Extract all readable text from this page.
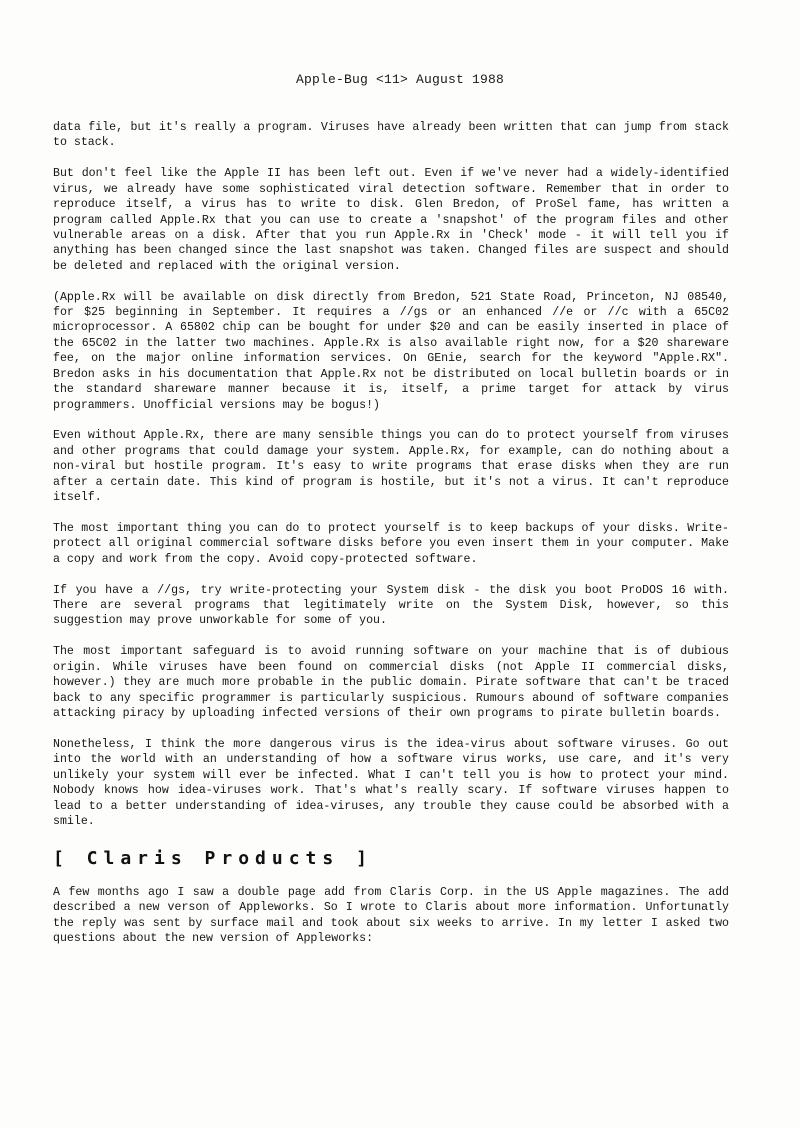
Apple-Bug <11> August 1988

data file, but it's really a program. Viruses have already been written that can jump from stack to stack.

But don't feel like the Apple II has been left out. Even if we've never had a widely-identified virus, we already have some sophisticated viral detection software. Remember that in order to reproduce itself, a virus has to write to disk. Glen Bredon, of ProSel fame, has written a program called Apple.Rx that you can use to create a 'snapshot' of the program files and other vulnerable areas on a disk. After that you run Apple.Rx in 'Check' mode - it will tell you if anything has been changed since the last snapshot was taken. Changed files are suspect and should be deleted and replaced with the original version.

(Apple.Rx will be available on disk directly from Bredon, 521 State Road, Princeton, NJ 08540, for $25 beginning in September. It requires a //gs or an enhanced //e or //c with a 65C02 microprocessor. A 65802 chip can be bought for under $20 and can be easily inserted in place of the 65C02 in the latter two machines. Apple.Rx is also available right now, for a $20 shareware fee, on the major online information services. On GEnie, search for the keyword "Apple.RX". Bredon asks in his documentation that Apple.Rx not be distributed on local bulletin boards or in the standard shareware manner because it is, itself, a prime target for attack by virus programmers. Unofficial versions may be bogus!)

Even without Apple.Rx, there are many sensible things you can do to protect yourself from viruses and other programs that could damage your system. Apple.Rx, for example, can do nothing about a non-viral but hostile program. It's easy to write programs that erase disks when they are run after a certain date. This kind of program is hostile, but it's not a virus. It can't reproduce itself.

The most important thing you can do to protect yourself is to keep backups of your disks. Write-protect all original commercial software disks before you even insert them in your computer. Make a copy and work from the copy. Avoid copy-protected software.

If you have a //gs, try write-protecting your System disk - the disk you boot ProDOS 16 with. There are several programs that legitimately write on the System Disk, however, so this suggestion may prove unworkable for some of you.

The most important safeguard is to avoid running software on your machine that is of dubious origin. While viruses have been found on commercial disks (not Apple II commercial disks, however.) they are much more probable in the public domain. Pirate software that can't be traced back to any specific programmer is particularly suspicious. Rumours abound of software companies attacking piracy by uploading infected versions of their own programs to pirate bulletin boards.

Nonetheless, I think the more dangerous virus is the idea-virus about software viruses. Go out into the world with an understanding of how a software virus works, use care, and it's very unlikely your system will ever be infected. What I can't tell you is how to protect your mind. Nobody knows how idea-viruses work. That's what's really scary. If software viruses happen to lead to a better understanding of idea-viruses, any trouble they cause could be absorbed with a smile.

[ Claris Products ]

A few months ago I saw a double page add from Claris Corp. in the US Apple magazines. The add described a new verson of Appleworks. So I wrote to Claris about more information. Unfortunatly the reply was sent by surface mail and took about six weeks to arrive. In my letter I asked two questions about the new version of Appleworks:
